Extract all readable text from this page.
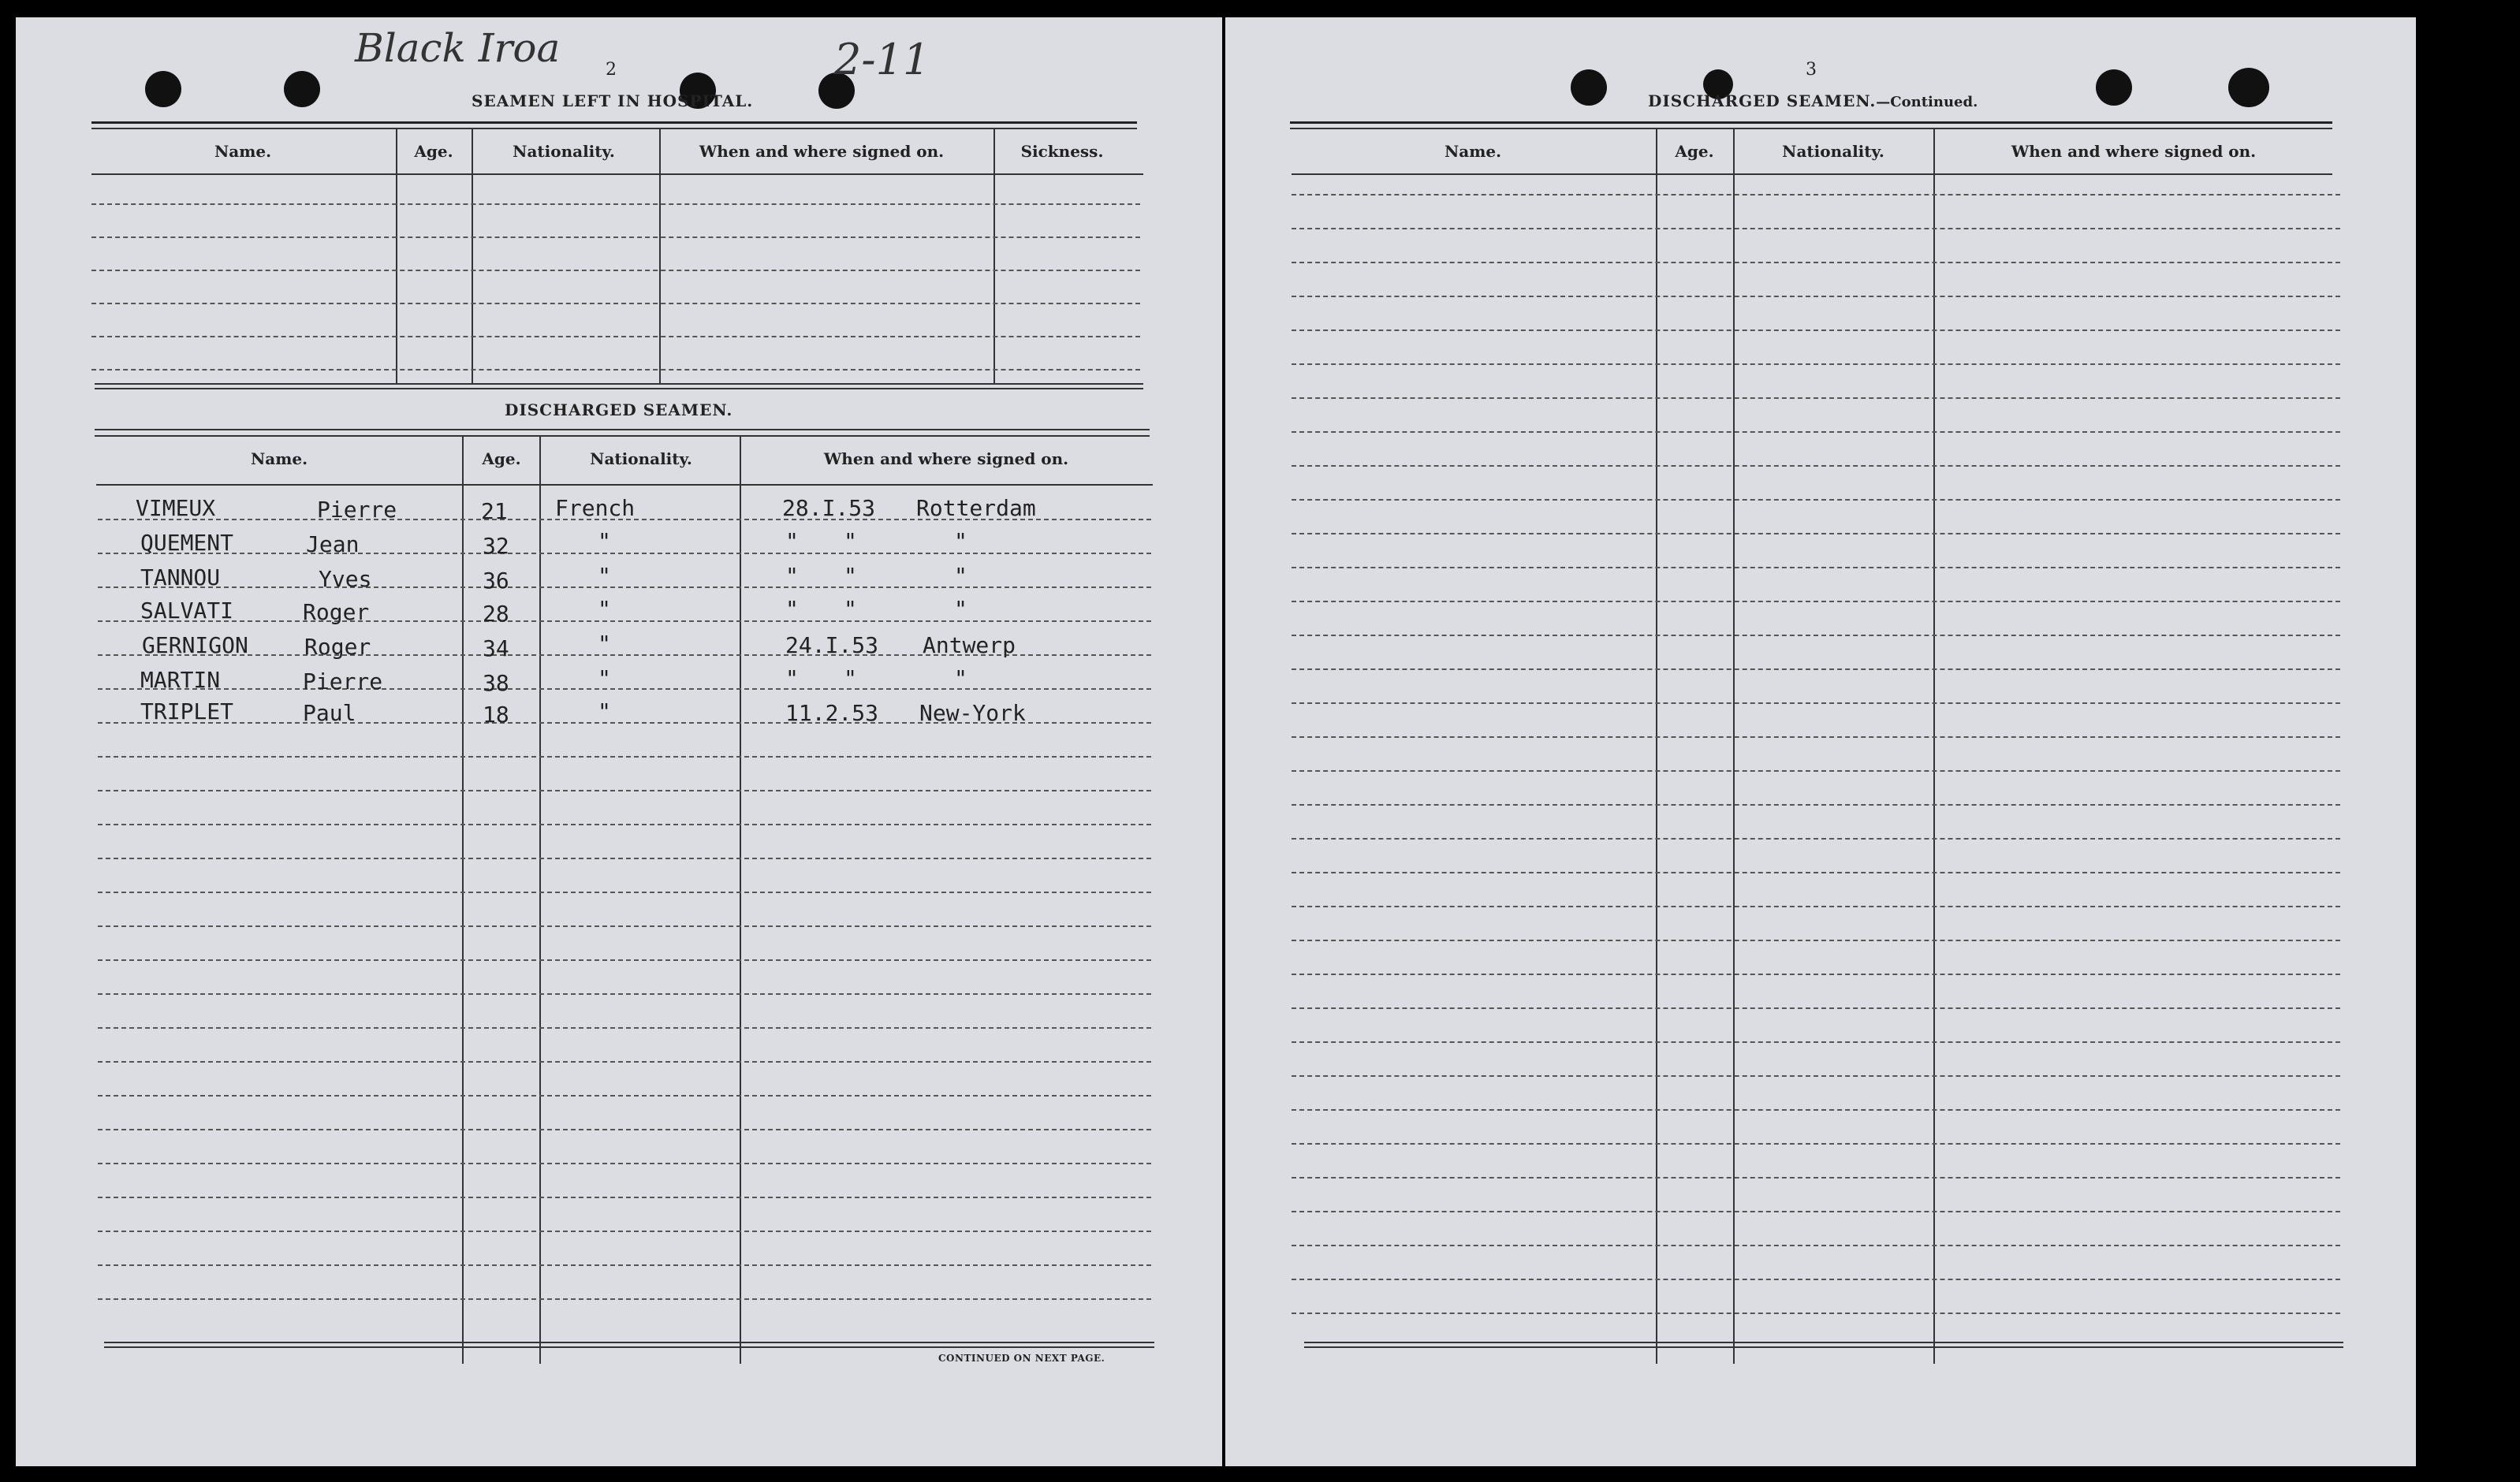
Black Iroa	2-11
2
SEAMEN LEFT IN HOSPITAL.
Name.	Age.	Nationality.	When and where signed on.	Sickness.
DISCHARGED SEAMEN.
Name.	Age.	Nationality.	When and where signed on.
CONTINUED ON NEXT PAGE.
VIMEUX	Pierre	21 French	28.I.53 Rotterdam
QUEMENT	Jean	32	"	" "	"
TANNOU	Yves	36	"	" "	"
SALVATI	Roger	28	"	" "	"
GERNIGON	Roger	34	"	24.I.53 Antwerp
MARTIN	Pierre	38	"	" "	"
TRIPLET	Paul	18	"	11.2.53 New-York
3
DISCHARGED SEAMEN.—Continued.
Name.	Age.	Nationality.	When and where signed on.
